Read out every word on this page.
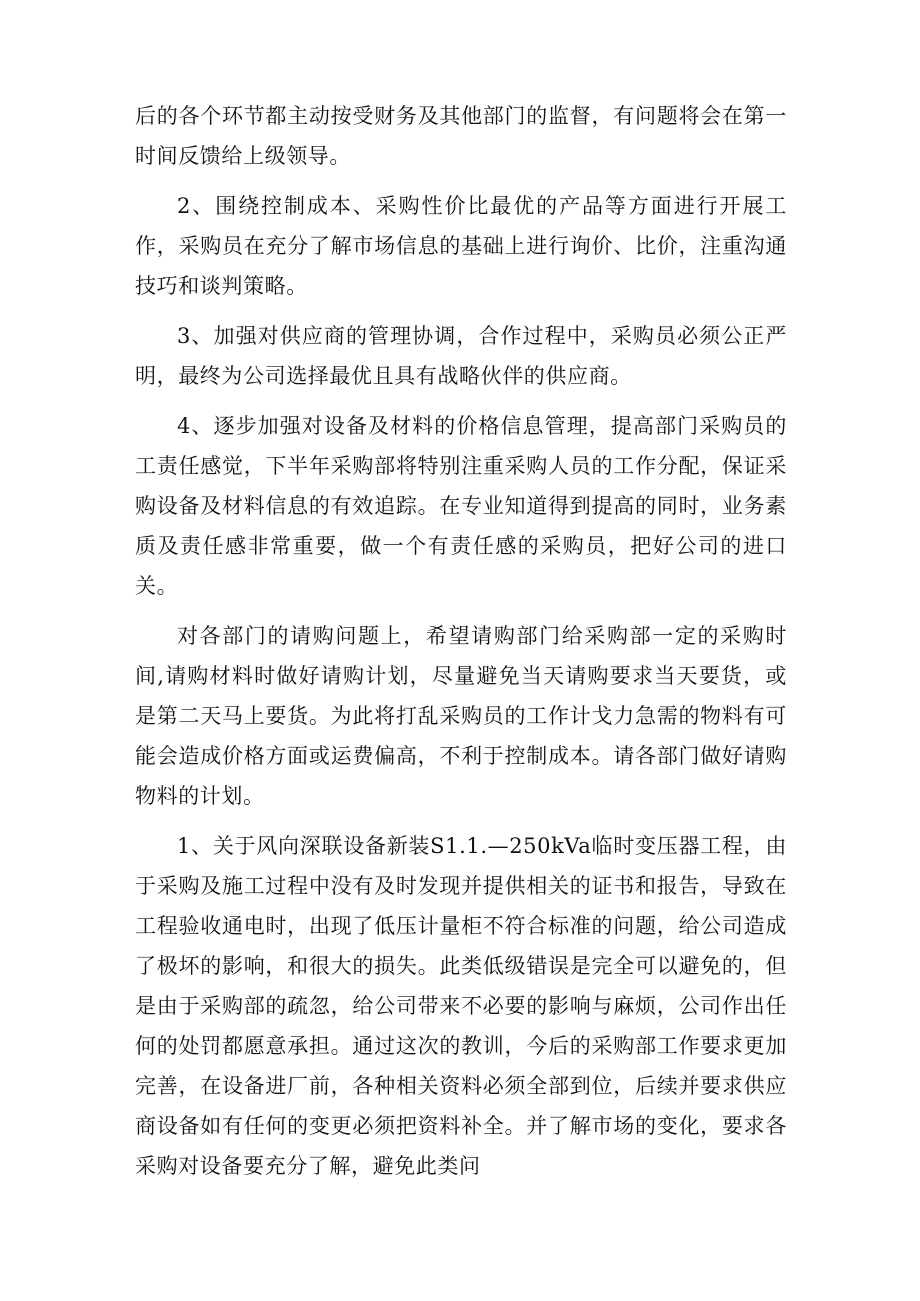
后的各个环节都主动按受财务及其他部门的监督，有问题将会在第一时间反馈给上级领导。

2、围绕控制成本、采购性价比最优的产品等方面进行开展工作，采购员在充分了解市场信息的基础上进行询价、比价，注重沟通技巧和谈判策略。

3、加强对供应商的管理协调，合作过程中，采购员必须公正严明，最终为公司选择最优且具有战略伙伴的供应商。

4、逐步加强对设备及材料的价格信息管理，提高部门采购员的工责任感觉，下半年采购部将特别注重采购人员的工作分配，保证采购设备及材料信息的有效追踪。在专业知道得到提高的同时，业务素质及责任感非常重要，做一个有责任感的采购员，把好公司的进口关。

对各部门的请购问题上，希望请购部门给采购部一定的采购时间,请购材料时做好请购计划，尽量避免当天请购要求当天要货，或是第二天马上要货。为此将打乱采购员的工作计戈力急需的物料有可能会造成价格方面或运费偏高，不利于控制成本。请各部门做好请购物料的计划。

1、关于风向深联设备新装S1.1.—250kVa临时变压器工程，由于采购及施工过程中没有及时发现并提供相关的证书和报告，导致在工程验收通电时，出现了低压计量柜不符合标准的问题，给公司造成了极坏的影响，和很大的损失。此类低级错误是完全可以避免的，但是由于采购部的疏忽，给公司带来不必要的影响与麻烦，公司作出任何的处罚都愿意承担。通过这次的教训，今后的采购部工作要求更加完善，在设备进厂前，各种相关资料必须全部到位，后续并要求供应商设备如有任何的变更必须把资料补全。并了解市场的变化，要求各采购对设备要充分了解，避免此类问
